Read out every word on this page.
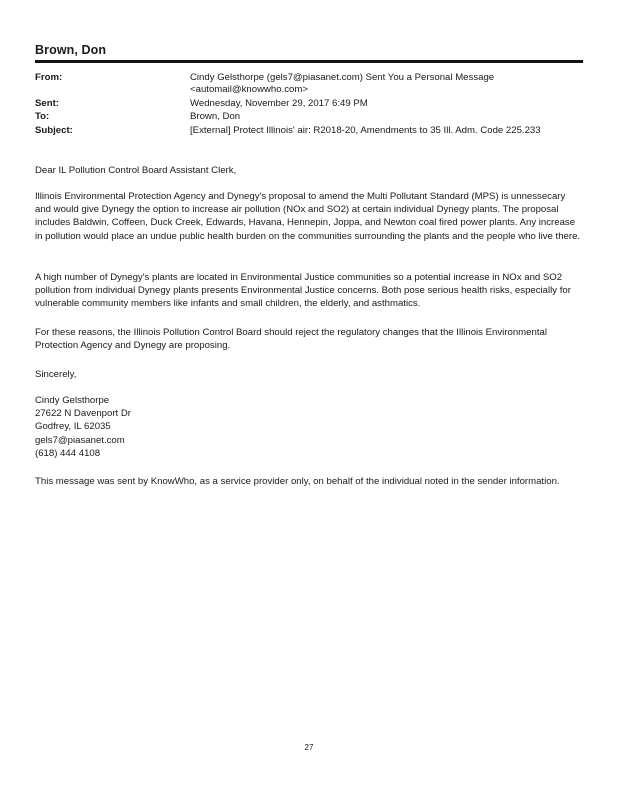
Brown, Don
From:	Cindy Gelsthorpe (gels7@piasanet.com) Sent You a Personal Message <automail@knowwho.com>
Sent:	Wednesday, November 29, 2017 6:49 PM
To:	Brown, Don
Subject:	[External] Protect Illinois' air: R2018-20, Amendments to 35 Ill. Adm. Code 225.233
Dear IL Pollution Control Board Assistant Clerk,
Illinois Environmental Protection Agency and Dynegy's proposal to amend the Multi Pollutant Standard (MPS) is unnessecary and would give Dynegy the option to increase air pollution (NOx and SO2) at certain individual Dynegy plants. The proposal includes Baldwin, Coffeen, Duck Creek, Edwards, Havana, Hennepin, Joppa, and Newton coal fired power plants. Any increase in pollution would place an undue public health burden on the communities surrounding the plants and the people who live there.
A high number of Dynegy's plants are located in Environmental Justice communities so a potential increase in NOx and SO2 pollution from individual Dynegy plants presents Environmental Justice concerns. Both pose serious health risks, especially for vulnerable community members like infants and small children, the elderly, and asthmatics.
For these reasons, the Illinois Pollution Control Board should reject the regulatory changes that the Illinois Environmental Protection Agency and Dynegy are proposing.
Sincerely,
Cindy Gelsthorpe
27622 N Davenport Dr
Godfrey, IL 62035
gels7@piasanet.com
(618) 444 4108
This message was sent by KnowWho, as a service provider only, on behalf of the individual noted in the sender information.
27
